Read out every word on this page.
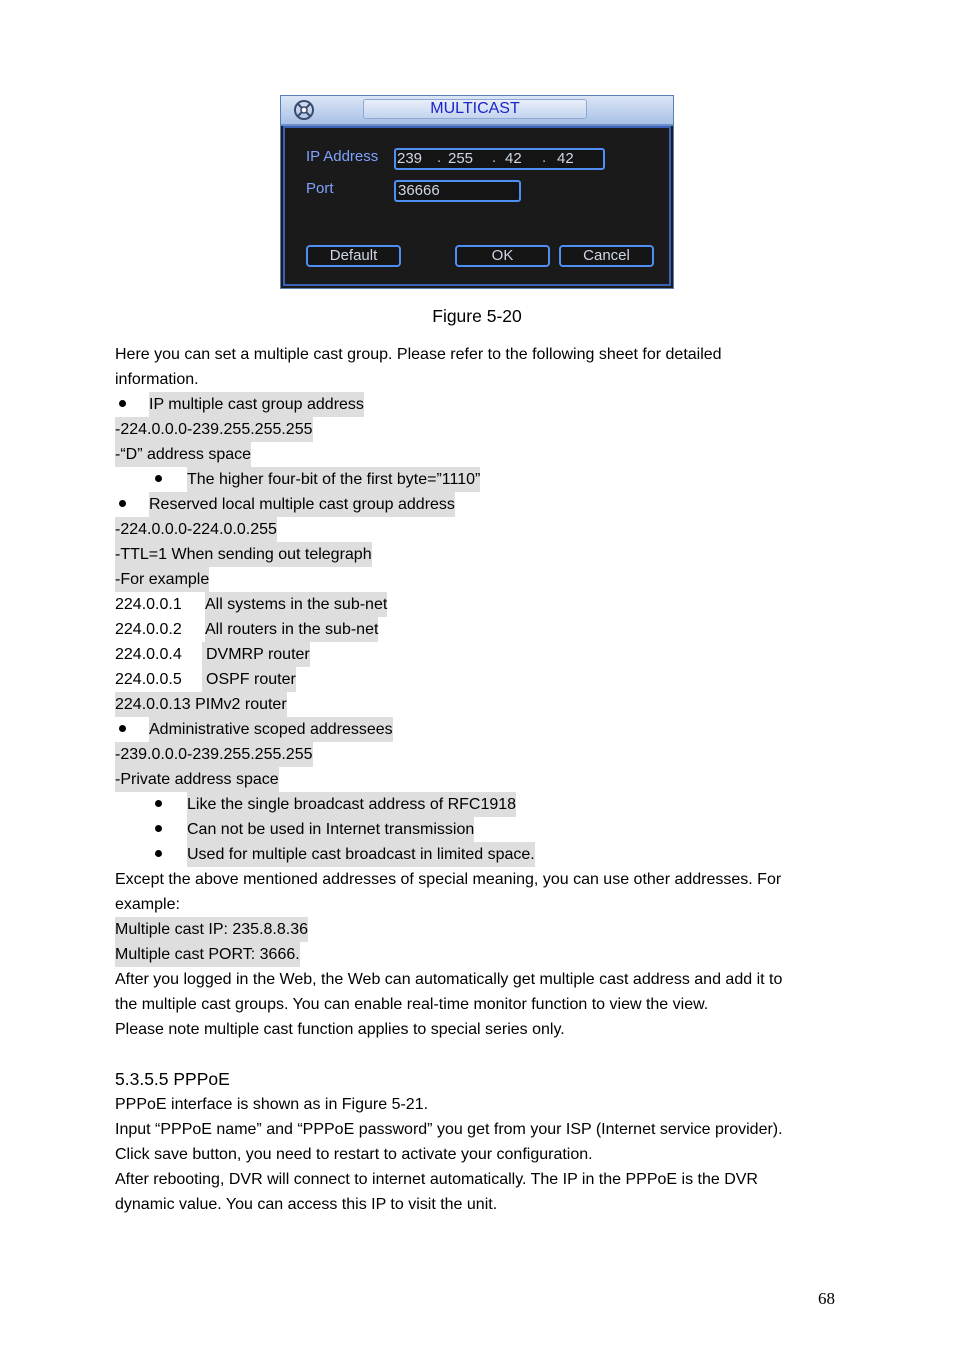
MULTICAST
IP Address
Port
239 . 255 . 42 . 42
36666
Default	OK	Cancel
Figure 5-20
Here you can set a multiple cast group. Please refer to the following sheet for detailed
information.
IP multiple cast group address
-224.0.0.0-239.255.255.255
-“D” address space
The higher four-bit of the first byte=”1110”
Reserved local multiple cast group address
-224.0.0.0-224.0.0.255
-TTL=1 When sending out telegraph
-For example
224.0.0.1 All systems in the sub-net
224.0.0.2 All routers in the sub-net
224.0.0.4 DVMRP router
224.0.0.5 OSPF router
224.0.0.13 PIMv2 router
Administrative scoped addressees
-239.0.0.0-239.255.255.255
-Private address space
Like the single broadcast address of RFC1918
Can not be used in Internet transmission
Used for multiple cast broadcast in limited space.
Except the above mentioned addresses of special meaning, you can use other addresses. For
example:
Multiple cast IP: 235.8.8.36
Multiple cast PORT: 3666.
After you logged in the Web, the Web can automatically get multiple cast address and add it to
the multiple cast groups. You can enable real-time monitor function to view the view.
Please note multiple cast function applies to special series only.
5.3.5.5 PPPoE
PPPoE interface is shown as in Figure 5-21.
Input “PPPoE name” and “PPPoE password” you get from your ISP (Internet service provider).
Click save button, you need to restart to activate your configuration.
After rebooting, DVR will connect to internet automatically. The IP in the PPPoE is the DVR
dynamic value. You can access this IP to visit the unit.
68
